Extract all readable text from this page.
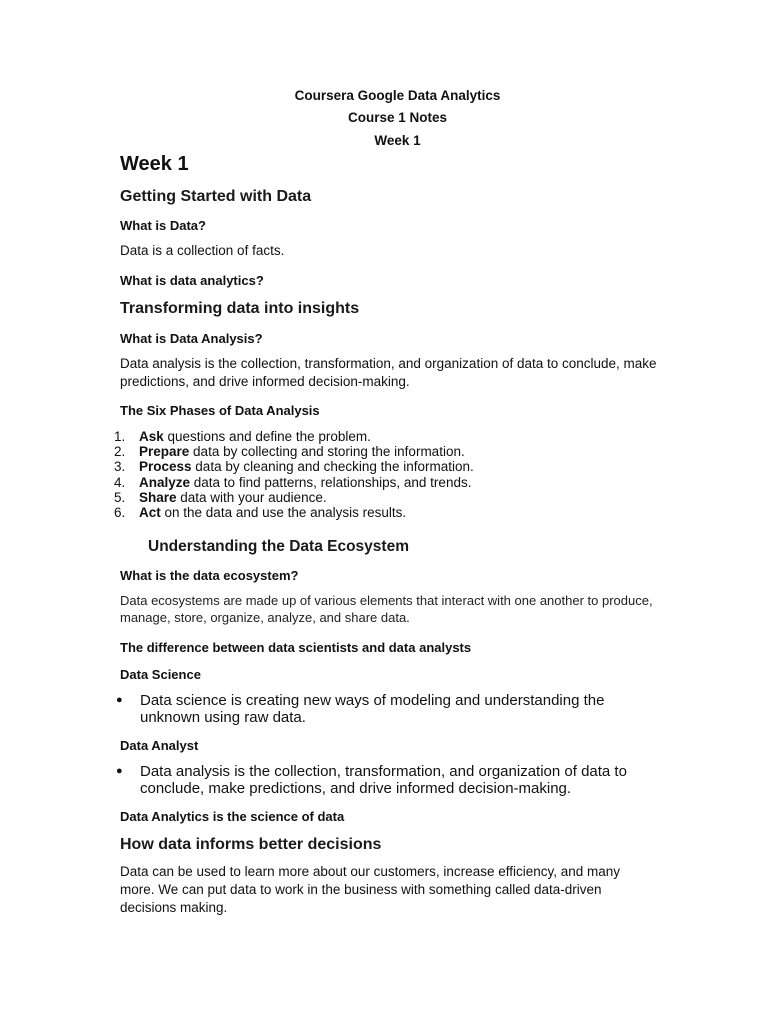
Coursera Google Data Analytics
Course 1 Notes
Week 1
Week 1
Getting Started with Data
What is Data?
Data is a collection of facts.
What is data analytics?
Transforming data into insights
What is Data Analysis?
Data analysis is the collection, transformation, and organization of data to conclude, make predictions, and drive informed decision-making.
The Six Phases of Data Analysis
1. Ask questions and define the problem.
2. Prepare data by collecting and storing the information.
3. Process data by cleaning and checking the information.
4. Analyze data to find patterns, relationships, and trends.
5. Share data with your audience.
6. Act on the data and use the analysis results.
Understanding the Data Ecosystem
What is the data ecosystem?
Data ecosystems are made up of various elements that interact with one another to produce, manage, store, organize, analyze, and share data.
The difference between data scientists and data analysts
Data Science
● Data science is creating new ways of modeling and understanding the unknown using raw data.
Data Analyst
● Data analysis is the collection, transformation, and organization of data to conclude, make predictions, and drive informed decision-making.
Data Analytics is the science of data
How data informs better decisions
Data can be used to learn more about our customers, increase efficiency, and many more. We can put data to work in the business with something called data-driven decisions making.
